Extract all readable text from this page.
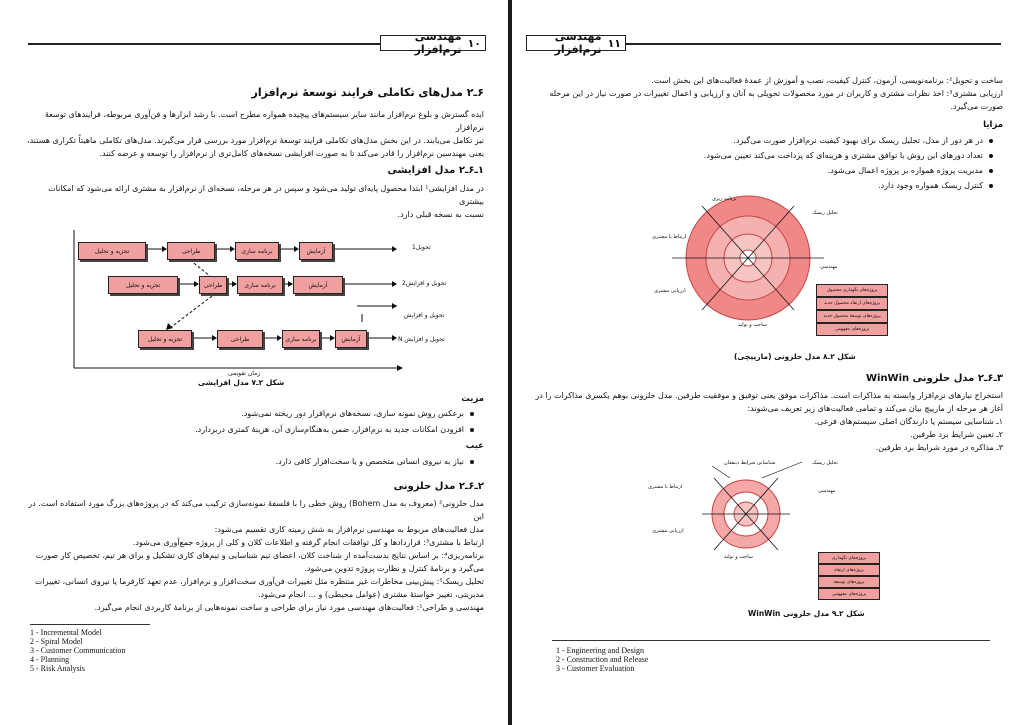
۱۰
مهندسی نرم‌افزار
۶ـ۲ مدل‌های تکاملی فرایند توسعهٔ نرم‌افزار
ایده گسترش و بلوغ نرم‌افزار مانند سایر سیستم‌های پیچیده همواره مطرح است. با رشد ابزارها و فن‌آوری مربوطه، فرایندهای توسعهٔ نرم‌افزار
نیز تکامل می‌یابند. در این بخش مدل‌های تکاملی فرایند توسعهٔ نرم‌افزار مورد بررسی قرار می‌گیرند. مدل‌های تکاملی ماهیتاً تکراری هستند،
یعنی مهندسین نرم‌افزار را قادر می‌کند تا به صورت افزایشی نسخه‌های کامل‌تری از نرم‌افزار را توسعه و عرضه کنند.
۱ـ۶ـ۲ مدل افزایشی
در مدل افزایشی¹ ابتدا محصول پایه‌ای تولید می‌شود و سپس در هر مرحله، نسخه‌ای از نرم‌افزار به مشتری ارائه می‌شود که امکانات بیشتری
نسبت به نسخه قبلی دارد.
تجزیه و تحلیل	طراحی	برنامه سازی	آزمایش
تجزیه و تحلیل	طراحی	برنامه سازی	آزمایش
تجزیه و تحلیل	طراحی	برنامه سازی	آزمایش
تحویل1
تحویل و افزایش2
تحویل و افزایش
تحویل و افزایش N
زمان تقویمی
شکل ۲ـ۷ مدل افزایشی
مزیت
برعکس روش نمونه سازی، نسخه‌های نرم‌افزار دور ریخته نمی‌شود.
افزودن امکانات جدید به نرم‌افزار، ضمن به‌هنگام‌سازی آن، هزینهٔ کمتری دربردارد.
عیب
نیاز به نیروی انسانی متخصص و یا سخت‌افزار کافی دارد.
۲ـ۶ـ۲ مدل حلزونی
مدل حلزونی² (معروف به مدل Bohem) روش خطی را با فلسفهٔ نمونه‌سازی ترکیب می‌کند که در پروژه‌های بزرگ مورد استفاده است. در این
مدل فعالیت‌های مربوط به مهندسی نرم‌افزار به شش زمینه کاری تقسیم می‌شود:
ارتباط با مشتری³: قراردادها و کل توافقات انجام گرفته و اطلاعات کلان و کلی از پروژه جمع‌آوری می‌شود.
برنامه‌ریزی⁴: بر اساس نتایج بدست‌آمده از شناخت کلان، اعضای تیم شناسایی و تیم‌های کاری تشکیل و برای هر تیم، تخصیص کار صورت
می‌گیرد و برنامهٔ کنترل و نظارت پروژه تدوین می‌شود.
تحلیل ریسک⁵: پیش‌بینی مخاطرات غیر منتظره مثل تغییرات فن‌آوری سخت‌افزار و نرم‌افزار، عدم تعهد کارفرما یا نیروی انسانی، تغییرات
مدیریتی، تغییر خواستهٔ مشتری (عوامل محیطی) و … انجام می‌شود.
مهندسی و طراحی¹: فعالیت‌های مهندسی مورد نیاز برای طراحی و ساخت نمونه‌هایی از برنامهٔ کاربردی انجام می‌گیرد.
1 - Incremental Model
2 - Spiral Model
3 - Customer Communication
4 - Planning
5 - Risk Analysis
۱۱
مهندسی نرم‌افزار
ساخت و تحویل²: برنامه‌نویسی، آزمون، کنترل کیفیت، نصب و آموزش از عمدهٔ فعالیت‌های این بخش است.
ارزیابی مشتری³: اخذ نظرات مشتری و کاربران در مورد محصولات تحویلی به آنان و ارزیابی و اعمال تغییرات در صورت نیاز در این مرحله
صورت می‌گیرد.
مزایا
در هر دور از مدل، تحلیل ریسک برای بهبود کیفیت نرم‌افزار صورت می‌گیرد.
تعداد دورهای این روش با توافق مشتری و هزینه‌ای که پرداخت می‌کند تعیین می‌شود.
مدیریت پروژه همواره بر پروژه اعمال می‌شود.
کنترل ریسک همواره وجود دارد.
برنامه ریزی
تحلیل ریسک
ارتباط با مشتری
مهندسی
ارزیابی مشتری
ساخت و تولید
پروژه‌های نگهداری محصول
پروژه‌های ارتقاء محصول جدید
پروژه‌های توسعهٔ محصول جدید
پروژه‌های مفهومی
شکل ۲ـ۸ مدل حلزونی (مارپیچی)
۳ـ۶ـ۲ مدل حلزونی WinWin
استخراج نیازهای نرم‌افزار وابسته به مذاکرات است. مذاکرات موفق یعنی توفیق و موفقیت طرفین. مدل حلزونی بوهم یکسری مذاکرات را در
آغاز هر مرحله از مارپیچ بیان می‌کند و تمامی فعالیت‌های زیر تعریف می‌شوند:
۱ـ شناسایی سیستم یا دارندگان اصلی سیستم‌های فرعی.
۲ـ تعیین شرایط برد طرفین.
۳ـ مذاکره در مورد شرایط برد طرفین.
شناسایی شرایط ذینفعان	تحلیل ریسک
ارتباط با مشتری
مهندسی
ارزیابی مشتری
ساخت و تولید	پروژه‌های نگهداری
پروژه‌های ارتقاء
پروژه‌های توسعه
پروژه‌های مفهومی
شکل ۲ـ۹ مدل حلزونی WinWin
1 - Engineering and Design
2 - Construction and Release
3 - Customer Evaluation
